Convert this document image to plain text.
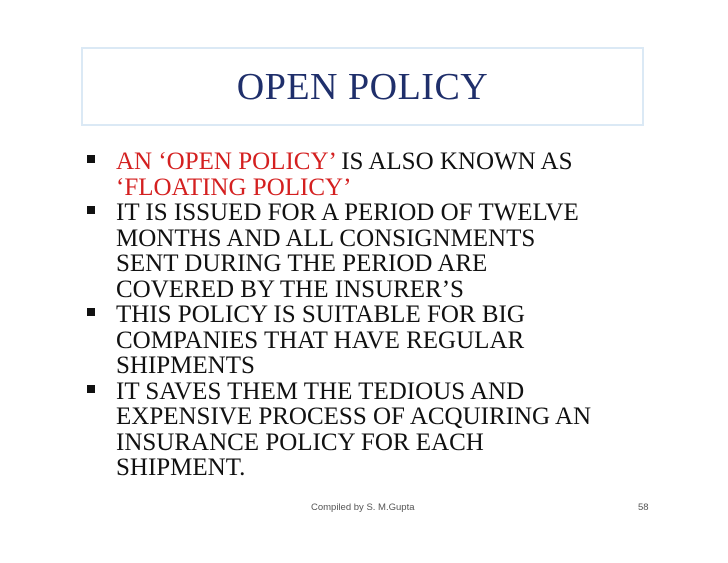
OPEN POLICY
AN ‘OPEN POLICY’ IS ALSO KNOWN AS
‘FLOATING POLICY’
IT IS ISSUED FOR A PERIOD OF TWELVE
MONTHS AND ALL CONSIGNMENTS
SENT DURING THE PERIOD ARE
COVERED BY THE INSURER’S
THIS POLICY IS SUITABLE FOR BIG
COMPANIES THAT HAVE REGULAR
SHIPMENTS
IT SAVES THEM THE TEDIOUS AND
EXPENSIVE PROCESS OF ACQUIRING AN
INSURANCE POLICY FOR EACH
SHIPMENT.
Compiled by S. M.Gupta	58
